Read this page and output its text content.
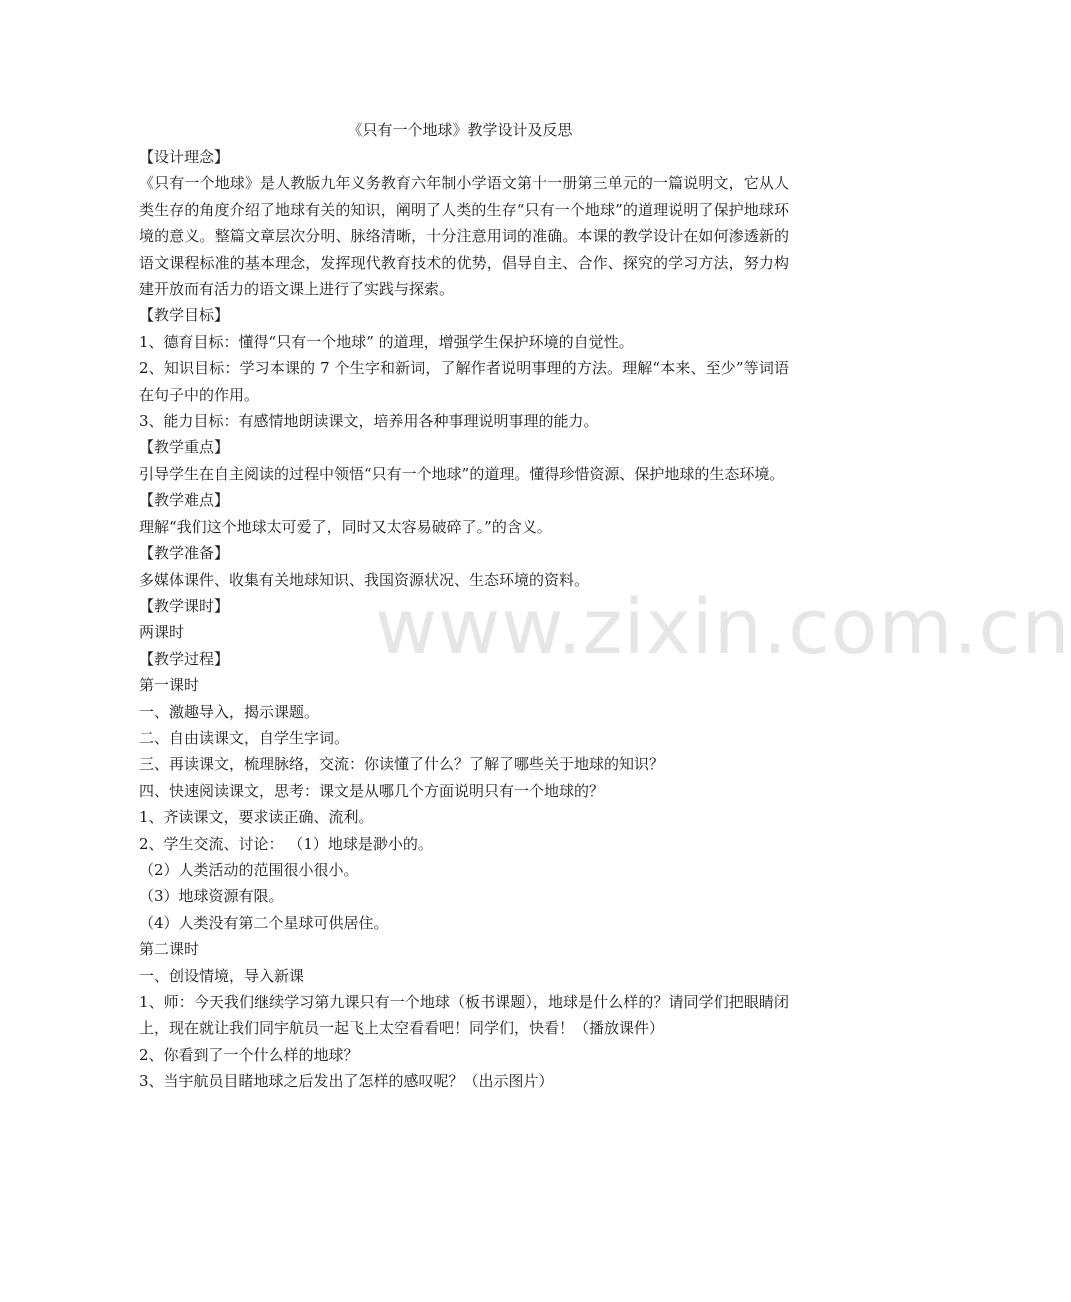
www.zixin.com.cn
《只有一个地球》教学设计及反思

【设计理念】

《只有一个地球》是人教版九年义务教育六年制小学语文第十一册第三单元的一篇说明文，它从人类生存的角度介绍了地球有关的知识，阐明了人类的生存“只有一个地球”的道理说明了保护地球环境的意义。整篇文章层次分明、脉络清晰，十分注意用词的准确。本课的教学设计在如何渗透新的语文课程标准的基本理念，发挥现代教育技术的优势，倡导自主、合作、探究的学习方法，努力构建开放而有活力的语文课上进行了实践与探索。

【教学目标】

1、德育目标：懂得“只有一个地球” 的道理，增强学生保护环境的自觉性。

2、知识目标：学习本课的 7 个生字和新词，了解作者说明事理的方法。理解“本来、至少”等词语在句子中的作用。

3、能力目标：有感情地朗读课文，培养用各种事理说明事理的能力。

【教学重点】

引导学生在自主阅读的过程中领悟“只有一个地球”的道理。懂得珍惜资源、保护地球的生态环境。

【教学难点】

理解“我们这个地球太可爱了，同时又太容易破碎了。”的含义。

【教学准备】

多媒体课件、收集有关地球知识、我国资源状况、生态环境的资料。

【教学课时】

两课时

【教学过程】

第一课时

一、激趣导入，揭示课题。

二、自由读课文，自学生字词。

三、再读课文，梳理脉络，交流：你读懂了什么？了解了哪些关于地球的知识？

四、快速阅读课文，思考：课文是从哪几个方面说明只有一个地球的？

1、齐读课文，要求读正确、流利。

2、学生交流、讨论： （1）地球是渺小的。

（2）人类活动的范围很小很小。

（3）地球资源有限。

（4）人类没有第二个星球可供居住。

第二课时

一、创设情境，导入新课

1、师：今天我们继续学习第九课只有一个地球（板书课题），地球是什么样的？请同学们把眼睛闭上，现在就让我们同宇航员一起飞上太空看看吧！同学们，快看！（播放课件）

2、你看到了一个什么样的地球？

3、当宇航员目睹地球之后发出了怎样的感叹呢？（出示图片）
